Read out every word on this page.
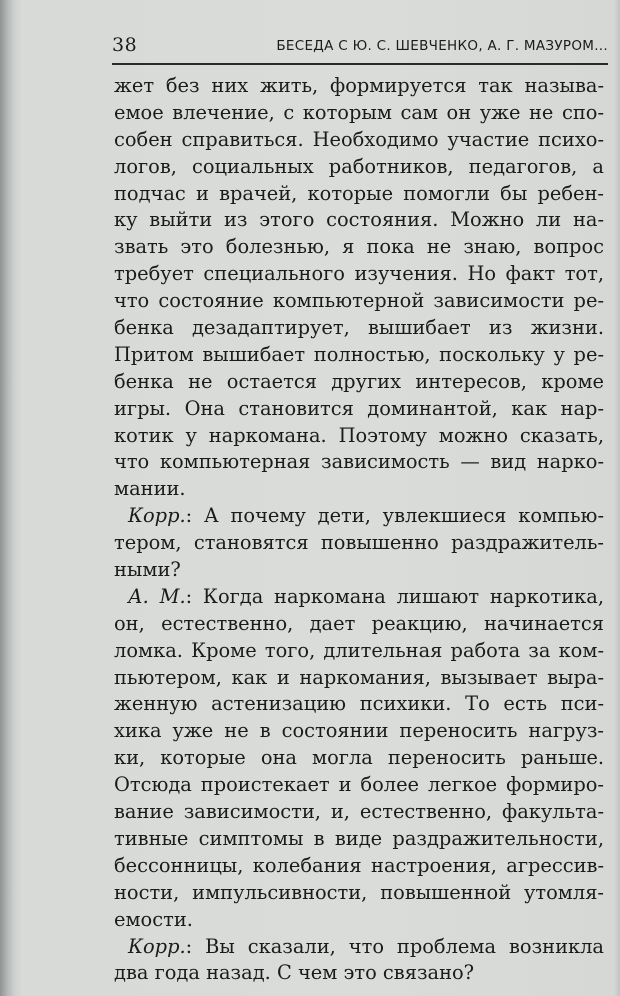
38	БЕСЕДА С Ю. С. ШЕВЧЕНКО, А. Г. МАЗУРОМ...
жет без них жить, формируется так называ-
емое влечение, с которым сам он уже не спо-
собен справиться. Необходимо участие психо-
логов, социальных работников, педагогов, а
подчас и врачей, которые помогли бы ребен-
ку выйти из этого состояния. Можно ли на-
звать это болезнью, я пока не знаю, вопрос
требует специального изучения. Но факт тот,
что состояние компьютерной зависимости ре-
бенка дезадаптирует, вышибает из жизни.
Притом вышибает полностью, поскольку у ре-
бенка не остается других интересов, кроме
игры. Она становится доминантой, как нар-
котик у наркомана. Поэтому можно сказать,
что компьютерная зависимость — вид нарко-
мании.
Корр.: А почему дети, увлекшиеся компью-
тером, становятся повышенно раздражитель-
ными?
А. М.: Когда наркомана лишают наркотика,
он, естественно, дает реакцию, начинается
ломка. Кроме того, длительная работа за ком-
пьютером, как и наркомания, вызывает выра-
женную астенизацию психики. То есть пси-
хика уже не в состоянии переносить нагруз-
ки, которые она могла переносить раньше.
Отсюда проистекает и более легкое формиро-
вание зависимости, и, естественно, факульта-
тивные симптомы в виде раздражительности,
бессонницы, колебания настроения, агрессив-
ности, импульсивности, повышенной утомля-
емости.
Корр.: Вы сказали, что проблема возникла
два года назад. С чем это связано?
